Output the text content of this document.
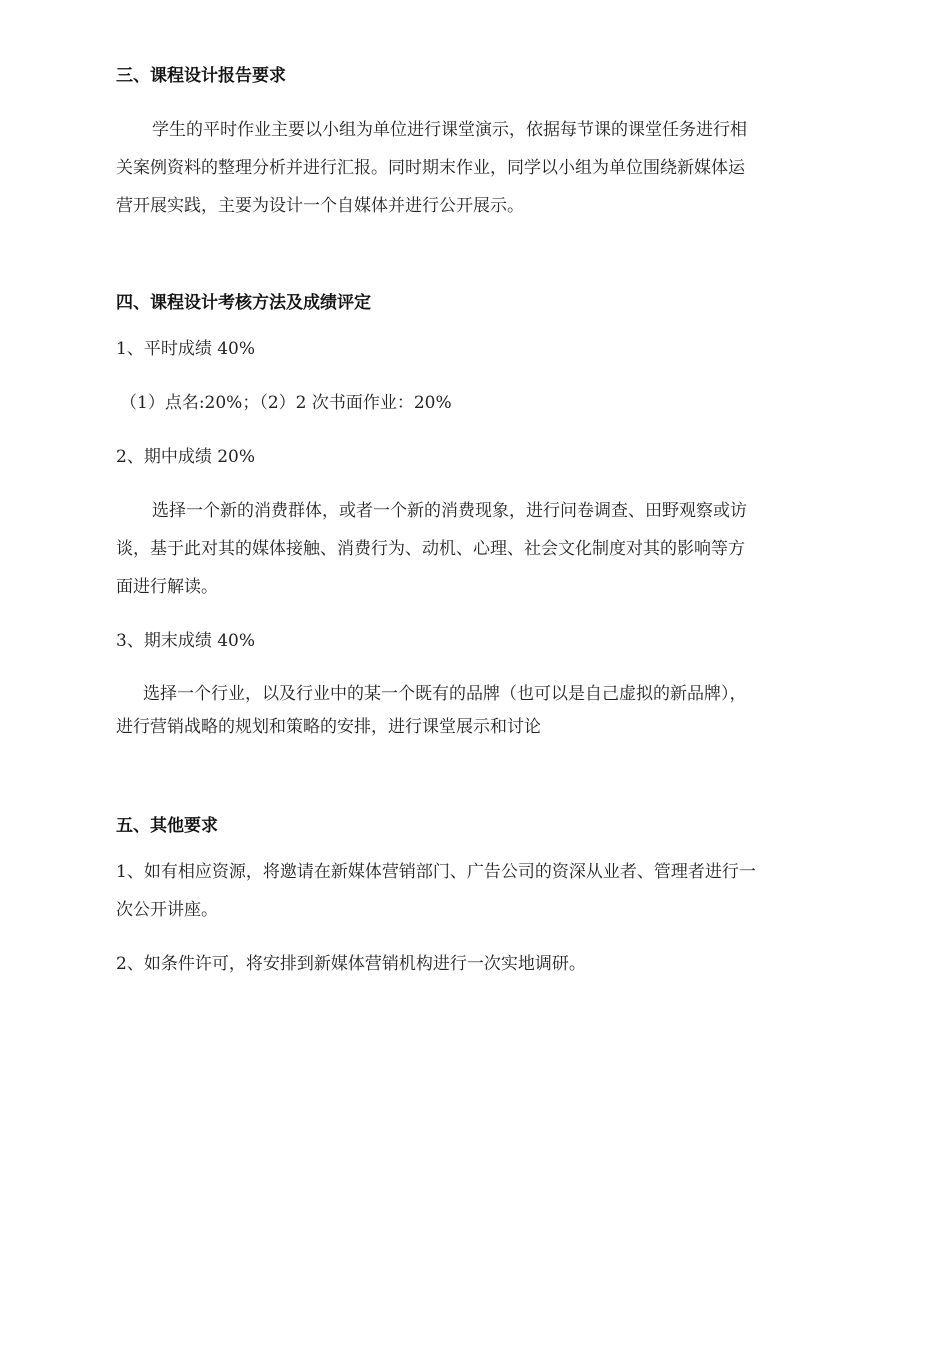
三、课程设计报告要求
学生的平时作业主要以小组为单位进行课堂演示，依据每节课的课堂任务进行相
关案例资料的整理分析并进行汇报。同时期末作业，同学以小组为单位围绕新媒体运
营开展实践，主要为设计一个自媒体并进行公开展示。
四、课程设计考核方法及成绩评定
1、平时成绩 40%
（1）点名:20%；（2）2 次书面作业：20%
2、期中成绩 20%
选择一个新的消费群体，或者一个新的消费现象，进行问卷调查、田野观察或访
谈，基于此对其的媒体接触、消费行为、动机、心理、社会文化制度对其的影响等方
面进行解读。
3、期末成绩 40%
选择一个行业，以及行业中的某一个既有的品牌（也可以是自己虚拟的新品牌），
进行营销战略的规划和策略的安排，进行课堂展示和讨论
五、其他要求
1、如有相应资源，将邀请在新媒体营销部门、广告公司的资深从业者、管理者进行一
次公开讲座。
2、如条件许可，将安排到新媒体营销机构进行一次实地调研。
